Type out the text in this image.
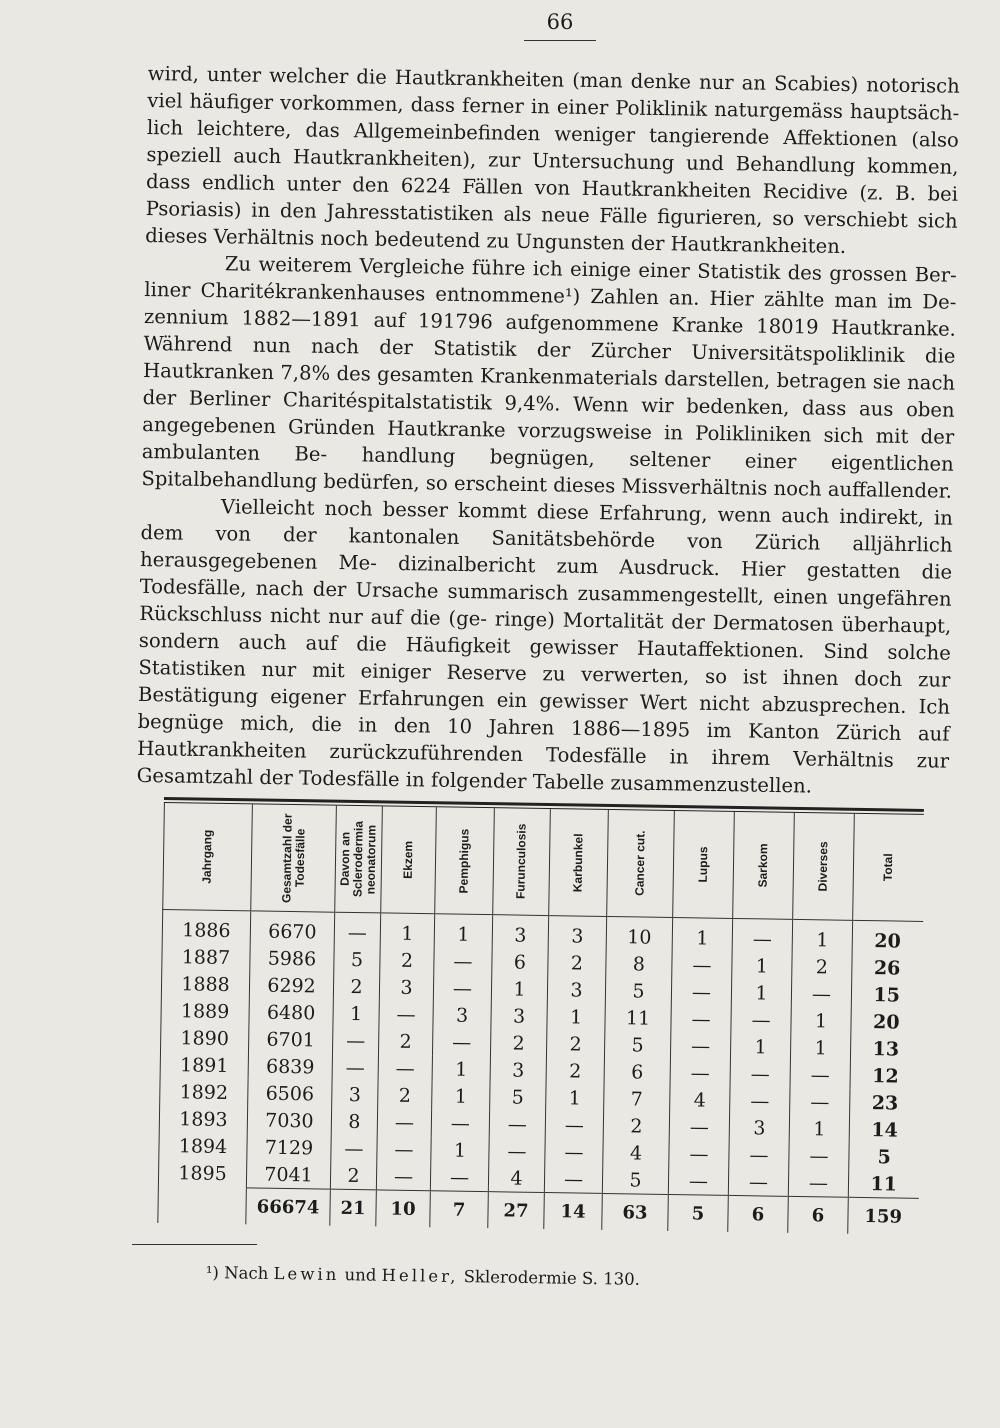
66

wird, unter welcher die Hautkrankheiten (man denke nur an Scabies) notorisch viel häufiger vorkommen, dass ferner in einer Poliklinik naturgemäss hauptsäch- lich leichtere, das Allgemeinbefinden weniger tangierende Affektionen (also speziell auch Hautkrankheiten), zur Untersuchung und Behandlung kommen, dass endlich unter den 6224 Fällen von Hautkrankheiten Recidive (z. B. bei Psoriasis) in den Jahresstatistiken als neue Fälle figurieren, so verschiebt sich dieses Verhältnis noch bedeutend zu Ungunsten der Hautkrankheiten.

Zu weiterem Vergleiche führe ich einige einer Statistik des grossen Ber- liner Charitékrankenhauses entnommene¹) Zahlen an. Hier zählte man im De- zennium 1882—1891 auf 191796 aufgenommene Kranke 18019 Hautkranke. Während nun nach der Statistik der Zürcher Universitätspoliklinik die Hautkranken 7,8% des gesamten Krankenmaterials darstellen, betragen sie nach der Berliner Charitéspitalstatistik 9,4%. Wenn wir bedenken, dass aus oben angegebenen Gründen Hautkranke vorzugsweise in Polikliniken sich mit der ambulanten Be- handlung begnügen, seltener einer eigentlichen Spitalbehandlung bedürfen, so erscheint dieses Missverhältnis noch auffallender.

Vielleicht noch besser kommt diese Erfahrung, wenn auch indirekt, in dem von der kantonalen Sanitätsbehörde von Zürich alljährlich herausgegebenen Me- dizinalbericht zum Ausdruck. Hier gestatten die Todesfälle, nach der Ursache summarisch zusammengestellt, einen ungefähren Rückschluss nicht nur auf die (ge- ringe) Mortalität der Dermatosen überhaupt, sondern auch auf die Häufigkeit gewisser Hautaffektionen. Sind solche Statistiken nur mit einiger Reserve zu verwerten, so ist ihnen doch zur Bestätigung eigener Erfahrungen ein gewisser Wert nicht abzusprechen. Ich begnüge mich, die in den 10 Jahren 1886—1895 im Kanton Zürich auf Hautkrankheiten zurückzuführenden Todesfälle in ihrem Verhältnis zur Gesamtzahl der Todesfälle in folgender Tabelle zusammenzustellen.

Jahrgang	Gesamtzahl der Todesfälle	Davon an Sclerodermia neonatorum	Ekzem	Pemphigus	Furunculosis	Karbunkel	Cancer cut.	Lupus	Sarkom	Diverses	Total

1886	6670	—	1	1	3	3	10	1	—	1	20
1887	5986	5	2	—	6	2	8	—	1	2	26
1888	6292	2	3	—	1	3	5	—	1	—	15
1889	6480	1	—	3	3	1	11	—	—	1	20
1890	6701	—	2	—	2	2	5	—	1	1	13
1891	6839	—	—	1	3	2	6	—	—	—	12
1892	6506	3	2	1	5	1	7	4	—	—	23
1893	7030	8	—	—	—	—	2	—	3	1	14
1894	7129	—	—	1	—	—	4	—	—	—	5
1895	7041	2	—	—	4	—	5	—	—	—	11
	66674	21	10	7	27	14	63	5	6	6	159
¹) Nach Lewin und Heller, Sklerodermie S. 130.
